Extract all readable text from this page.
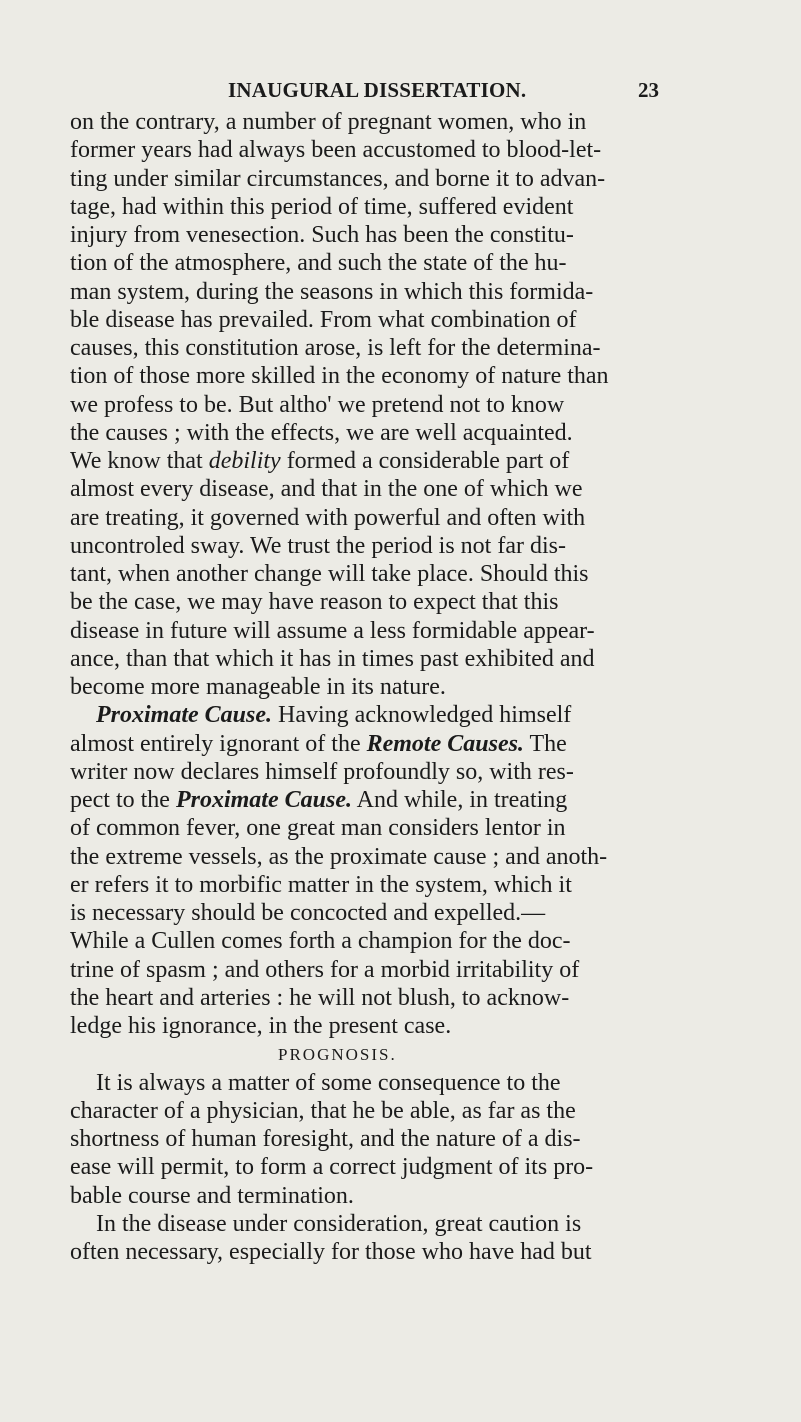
INAUGURAL DISSERTATION.	23
on the contrary, a number of pregnant women, who in
former years had always been accustomed to blood-let-
ting under similar circumstances, and borne it to advan-
tage, had within this period of time, suffered evident
injury from venesection. Such has been the constitu-
tion of the atmosphere, and such the state of the hu-
man system, during the seasons in which this formida-
ble disease has prevailed. From what combination of
causes, this constitution arose, is left for the determina-
tion of those more skilled in the economy of nature than
we profess to be. But altho' we pretend not to know
the causes ; with the effects, we are well acquainted.
We know that debility formed a considerable part of
almost every disease, and that in the one of which we
are treating, it governed with powerful and often with
uncontroled sway. We trust the period is not far dis-
tant, when another change will take place. Should this
be the case, we may have reason to expect that this
disease in future will assume a less formidable appear-
ance, than that which it has in times past exhibited and
become more manageable in its nature.
Proximate Cause. Having acknowledged himself
almost entirely ignorant of the Remote Causes. The
writer now declares himself profoundly so, with res-
pect to the Proximate Cause. And while, in treating
of common fever, one great man considers lentor in
the extreme vessels, as the proximate cause ; and anoth-
er refers it to morbific matter in the system, which it
is necessary should be concocted and expelled.—
While a Cullen comes forth a champion for the doc-
trine of spasm ; and others for a morbid irritability of
the heart and arteries : he will not blush, to acknow-
ledge his ignorance, in the present case.
PROGNOSIS.
It is always a matter of some consequence to the
character of a physician, that he be able, as far as the
shortness of human foresight, and the nature of a dis-
ease will permit, to form a correct judgment of its pro-
bable course and termination.
In the disease under consideration, great caution is
often necessary, especially for those who have had but
